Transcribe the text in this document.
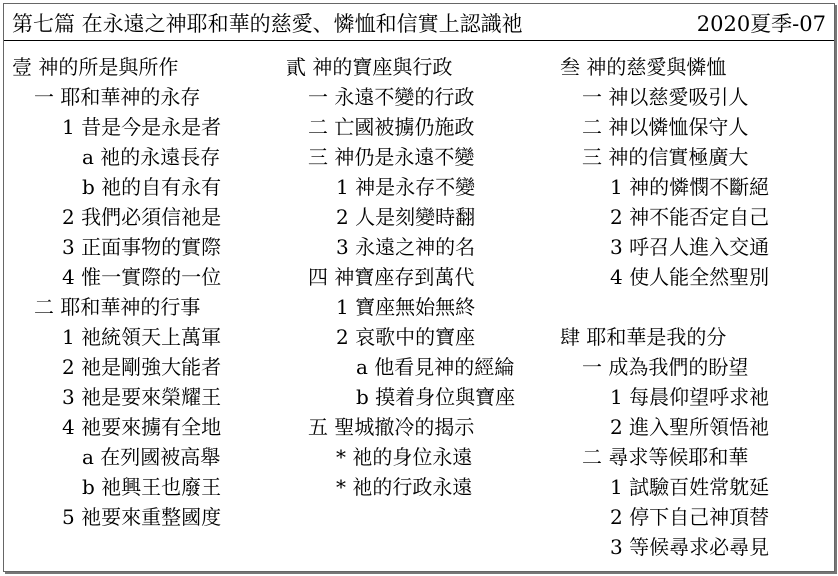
第七篇 在永遠之神耶和華的慈愛、憐恤和信實上認識祂	2020夏季-07
壹 神的所是與所作
一 耶和華神的永存
1 昔是今是永是者
a 祂的永遠長存
b 祂的自有永有
2 我們必須信祂是
3 正面事物的實際
4 惟一實際的一位
二 耶和華神的行事
1 祂統領天上萬軍
2 祂是剛強大能者
3 祂是要來榮耀王
4 祂要來擄有全地
a 在列國被高舉
b 祂興王也廢王
5 祂要來重整國度
貳 神的寶座與行政
一 永遠不變的行政
二 亡國被擄仍施政
三 神仍是永遠不變
1 神是永存不變
2 人是刻變時翻
3 永遠之神的名
四 神寶座存到萬代
1 寶座無始無終
2 哀歌中的寶座
a 他看見神的經綸
b 摸着身位與寶座
五 聖城撤冷的揭示
* 祂的身位永遠
* 祂的行政永遠
叁 神的慈愛與憐恤
一 神以慈愛吸引人
二 神以憐恤保守人
三 神的信實極廣大
1 神的憐憫不斷絕
2 神不能否定自己
3 呼召人進入交通
4 使人能全然聖別
肆 耶和華是我的分
一 成為我們的盼望
1 每晨仰望呼求祂
2 進入聖所領悟祂
二 尋求等候耶和華
1 試驗百姓常躭延
2 停下自己神頂替
3 等候尋求必尋見
